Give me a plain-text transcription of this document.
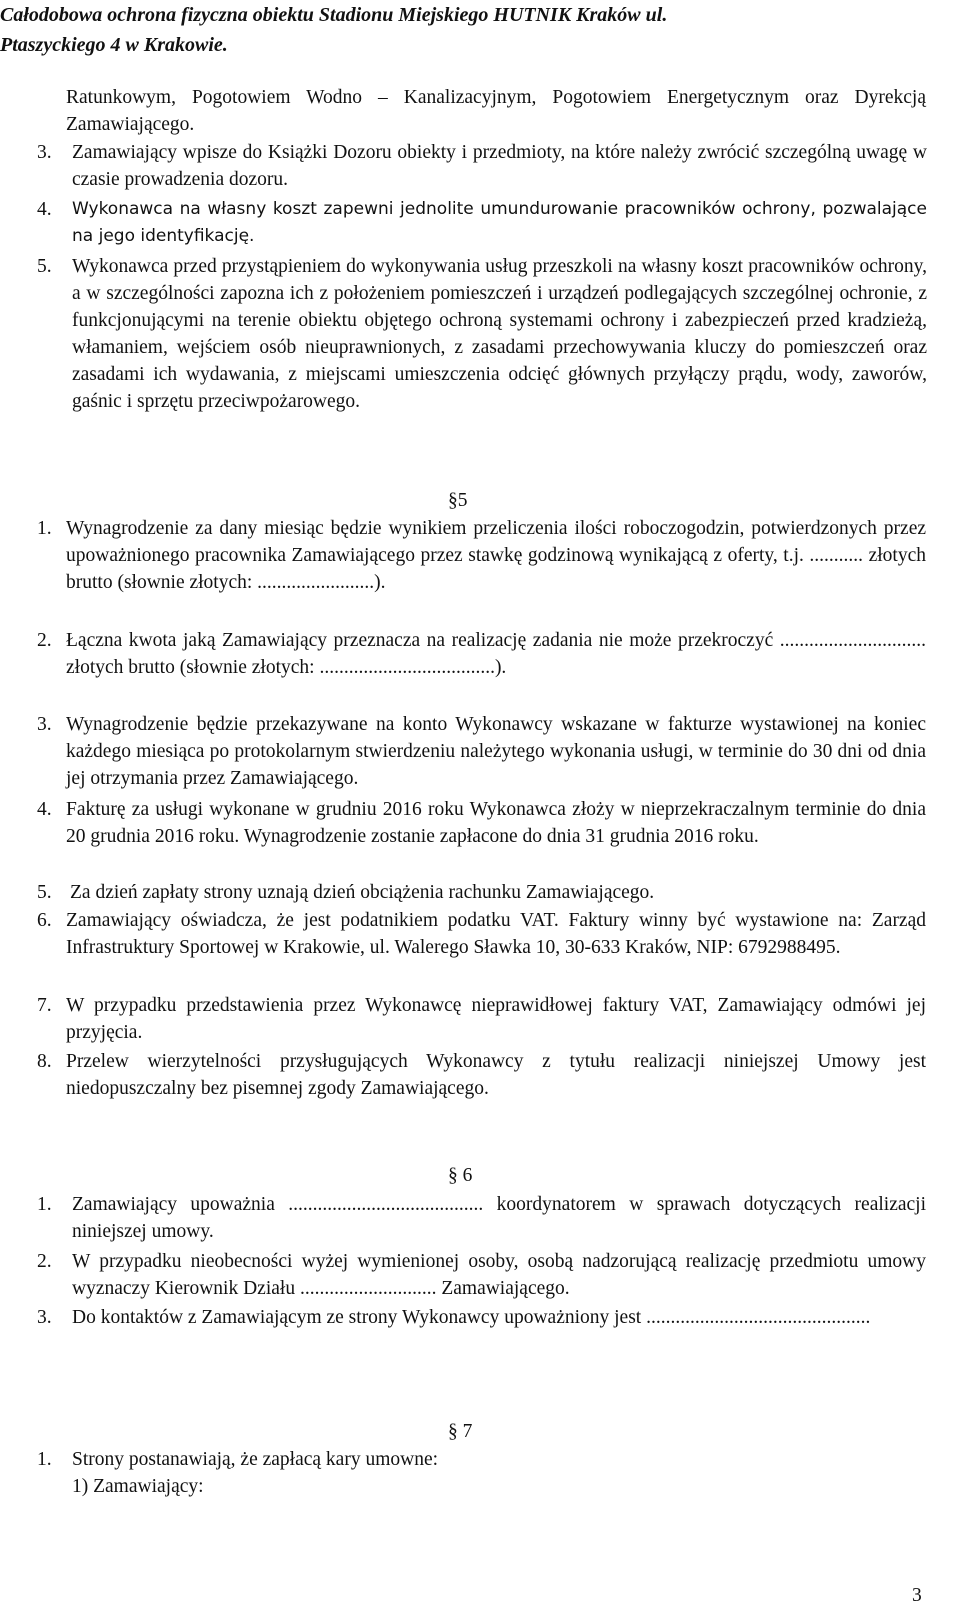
Całodobowa ochrona fizyczna obiektu Stadionu Miejskiego HUTNIK Kraków ul.
Ptaszyckiego 4 w Krakowie.

Ratunkowym, Pogotowiem Wodno – Kanalizacyjnym, Pogotowiem Energetycznym oraz Dyrekcją Zamawiającego.

3. Zamawiający wpisze do Książki Dozoru obiekty i przedmioty, na które należy zwrócić szczególną uwagę w czasie prowadzenia dozoru.

4. Wykonawca na własny koszt zapewni jednolite umundurowanie pracowników ochrony, pozwalające na jego identyfikację.

5. Wykonawca przed przystąpieniem do wykonywania usług przeszkoli na własny koszt pracowników ochrony, a w szczególności zapozna ich z położeniem pomieszczeń i urządzeń podlegających szczególnej ochronie, z funkcjonującymi na terenie obiektu objętego ochroną systemami ochrony i zabezpieczeń przed kradzieżą, włamaniem, wejściem osób nieuprawnionych, z zasadami przechowywania kluczy do pomieszczeń oraz zasadami ich wydawania, z miejscami umieszczenia odcięć głównych przyłączy prądu, wody, zaworów, gaśnic i sprzętu przeciwpożarowego.

§5
1. Wynagrodzenie za dany miesiąc będzie wynikiem przeliczenia ilości roboczogodzin, potwierdzonych przez upoważnionego pracownika Zamawiającego przez stawkę godzinową wynikającą z oferty, t.j. ........... złotych brutto (słownie złotych: ........................).

2. Łączna kwota jaką Zamawiający przeznacza na realizację zadania nie może przekroczyć .............................. złotych brutto (słownie złotych: ....................................).

3. Wynagrodzenie będzie przekazywane na konto Wykonawcy wskazane w fakturze wystawionej na koniec każdego miesiąca po protokolarnym stwierdzeniu należytego wykonania usługi, w terminie do 30 dni od dnia jej otrzymania przez Zamawiającego.

4. Fakturę za usługi wykonane w grudniu 2016 roku Wykonawca złoży w nieprzekraczalnym terminie do dnia 20 grudnia 2016 roku. Wynagrodzenie zostanie zapłacone do dnia 31 grudnia 2016 roku.

5. Za dzień zapłaty strony uznają dzień obciążenia rachunku Zamawiającego.

6. Zamawiający oświadcza, że jest podatnikiem podatku VAT. Faktury winny być wystawione na: Zarząd Infrastruktury Sportowej w Krakowie, ul. Walerego Sławka 10, 30-633 Kraków, NIP: 6792988495.

7. W przypadku przedstawienia przez Wykonawcę nieprawidłowej faktury VAT, Zamawiający odmówi jej przyjęcia.

8. Przelew wierzytelności przysługujących Wykonawcy z tytułu realizacji niniejszej Umowy jest niedopuszczalny bez pisemnej zgody Zamawiającego.

§ 6
1. Zamawiający upoważnia ........................................ koordynatorem w sprawach dotyczących realizacji niniejszej umowy.

2. W przypadku nieobecności wyżej wymienionej osoby, osobą nadzorującą realizację przedmiotu umowy wyznaczy Kierownik Działu ............................ Zamawiającego.

3. Do kontaktów z Zamawiającym ze strony Wykonawcy upoważniony jest ..............................................

§ 7
1. Strony postanawiają, że zapłacą kary umowne:

1) Zamawiający:

3
